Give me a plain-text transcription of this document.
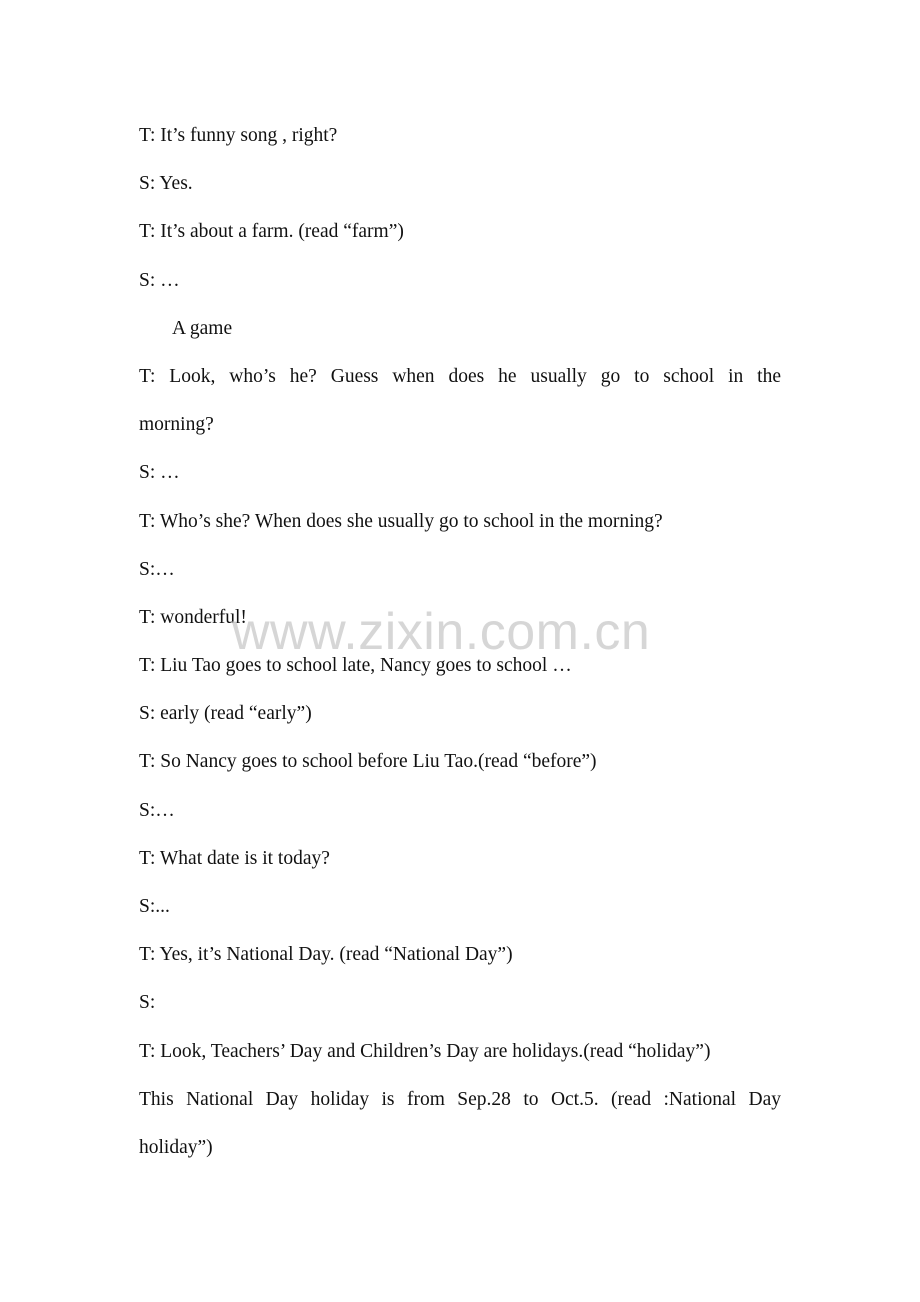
T: It’s funny song , right?
S: Yes.
T: It’s about a farm. (read “farm”)
S: …
A game
T: Look, who’s he? Guess when does he usually go to school in the
morning?
S: …
T: Who’s she? When does she usually go to school in the morning?
S:…
T: wonderful!
T: Liu Tao goes to school late, Nancy goes to school …
S: early (read “early”)
T: So Nancy goes to school before Liu Tao.(read “before”)
S:…
T: What date is it today?
S:...
T: Yes, it’s National Day. (read “National Day”)
S:
T: Look, Teachers’ Day and Children’s Day are holidays.(read “holiday”)
This National Day holiday is from Sep.28 to Oct.5. (read :National Day
holiday”)
www.zixin.com.cn
